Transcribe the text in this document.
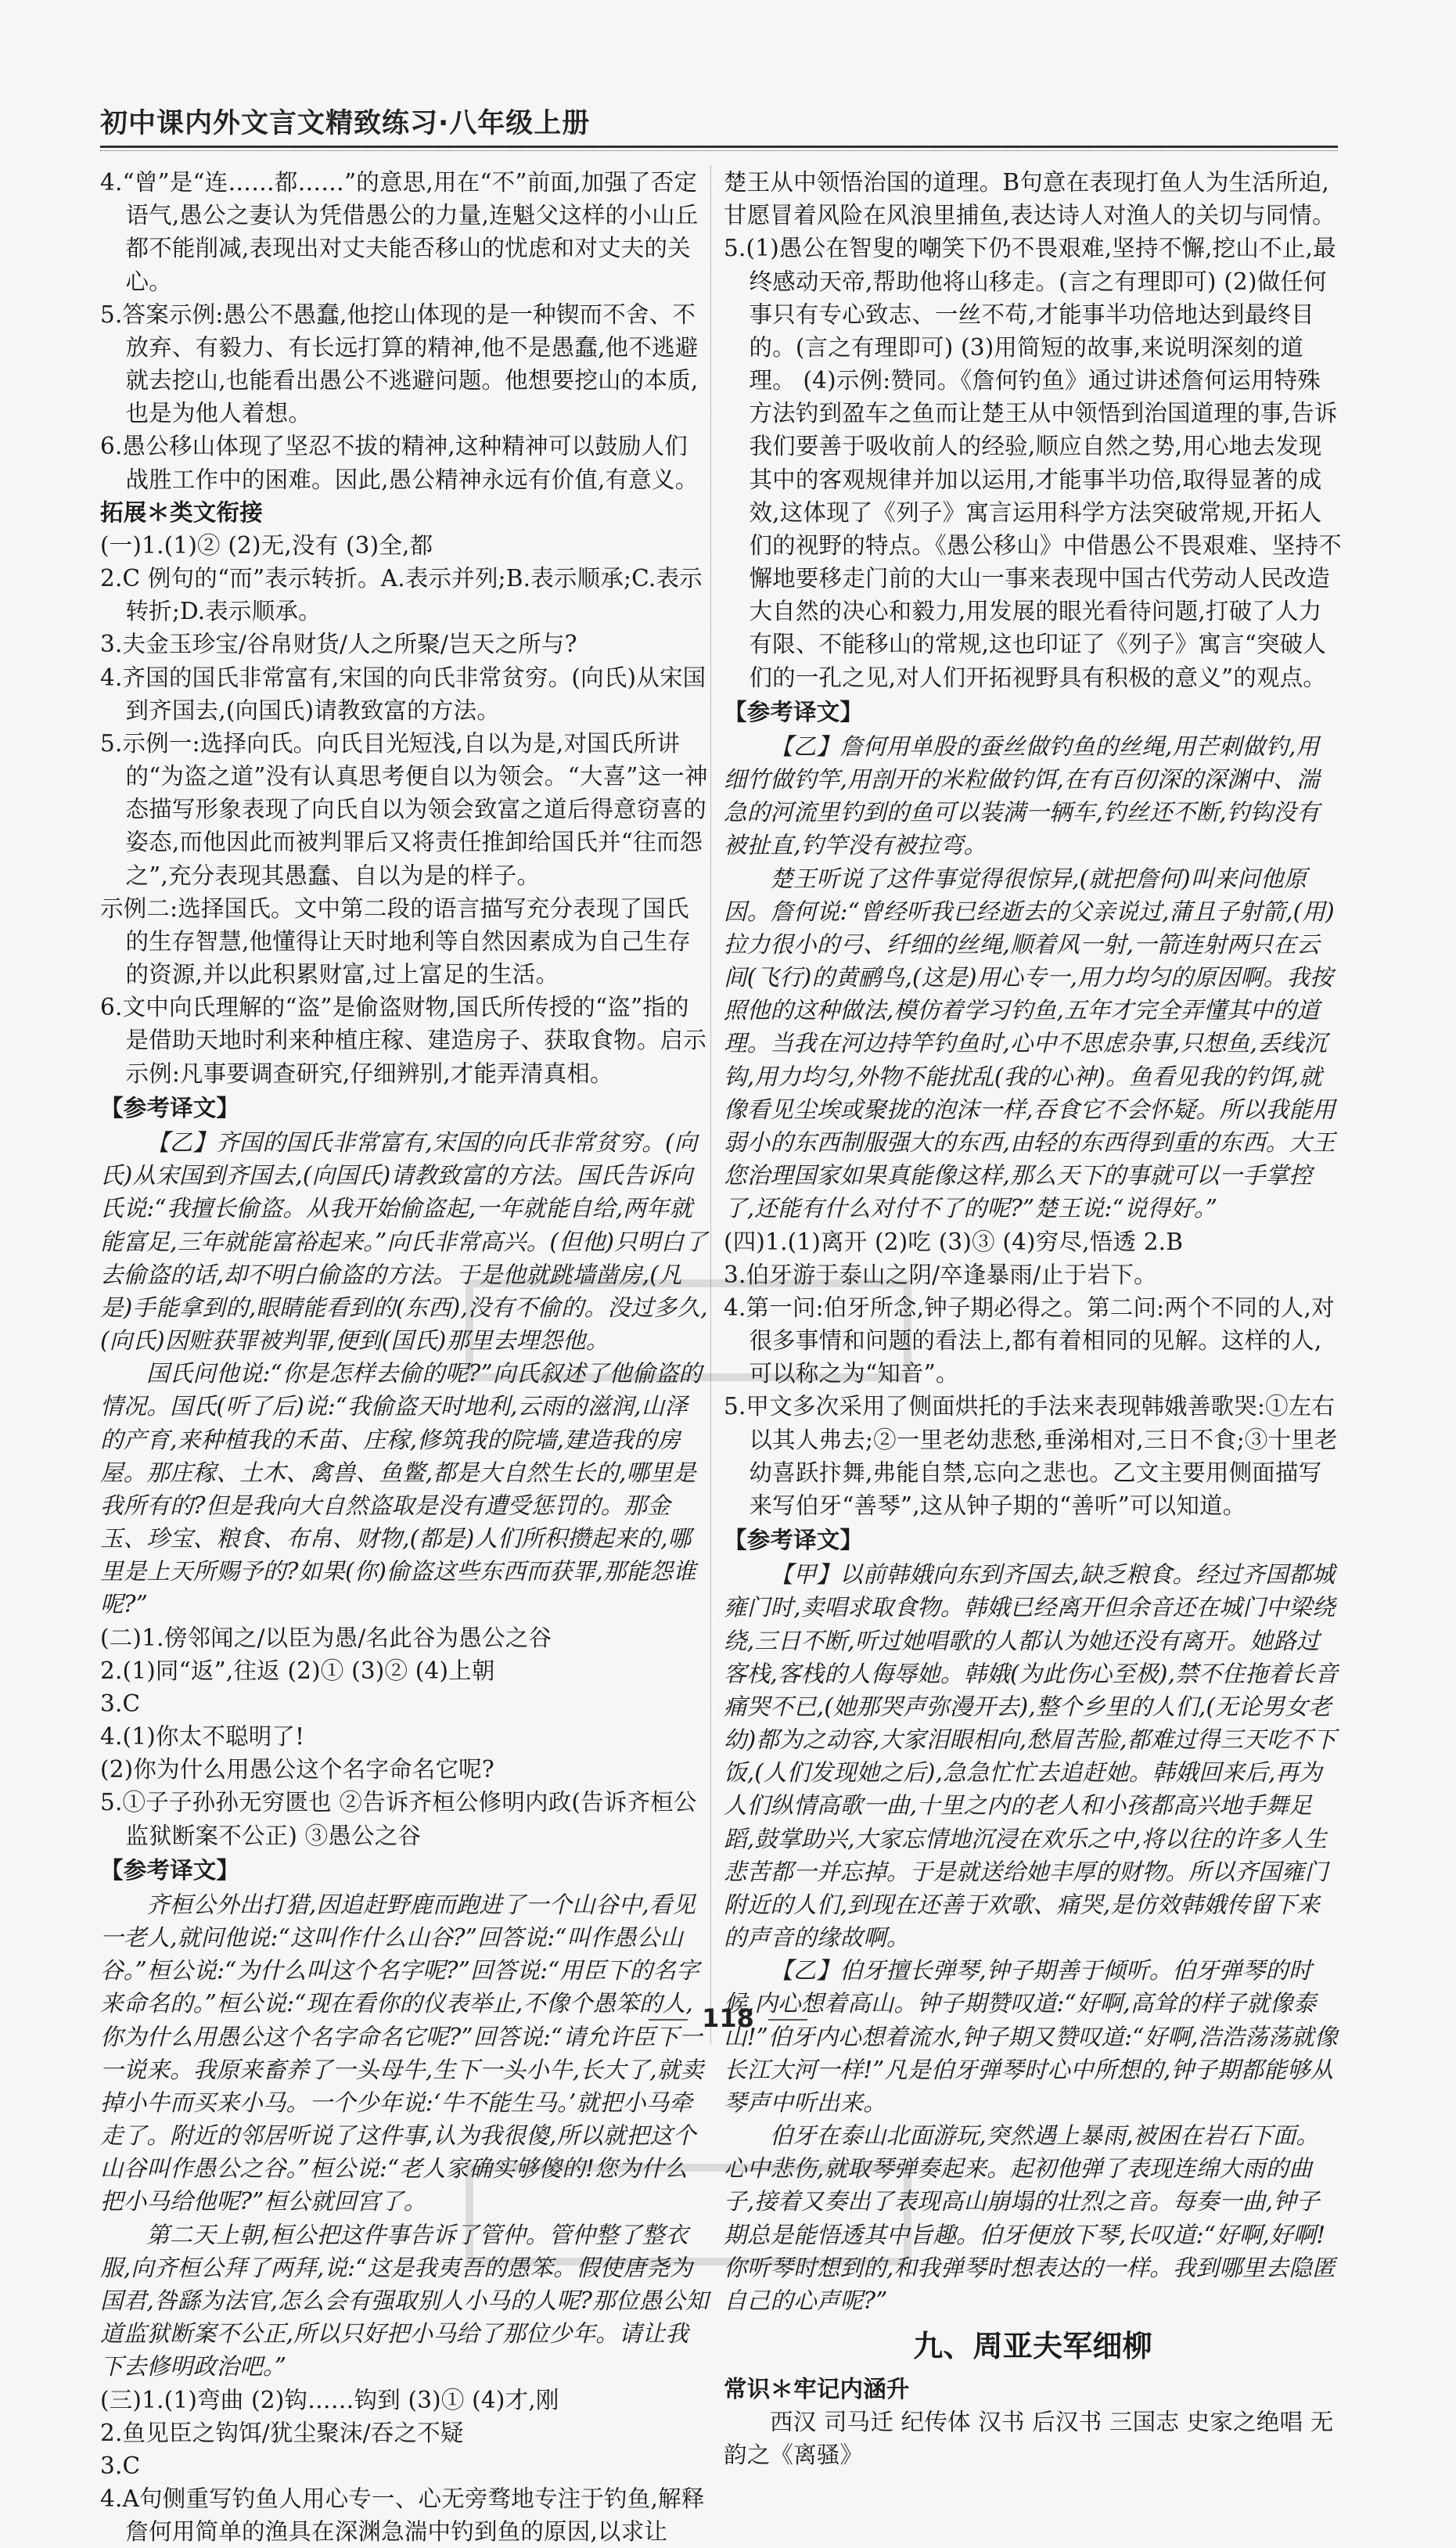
初中课内外文言文精致练习·八年级上册
4.“曾”是“连……都……”的意思,用在“不”前面,加强了否定语气,愚公之妻认为凭借愚公的力量,连魁父这样的小山丘都不能削减,表现出对丈夫能否移山的忧虑和对丈夫的关心。
5.答案示例:愚公不愚蠢,他挖山体现的是一种锲而不舍、不放弃、有毅力、有长远打算的精神,他不是愚蠢,他不逃避就去挖山,也能看出愚公不逃避问题。他想要挖山的本质,也是为他人着想。
6.愚公移山体现了坚忍不拔的精神,这种精神可以鼓励人们战胜工作中的困难。因此,愚公精神永远有价值,有意义。
拓展＊类文衔接
(一)1.(1)② (2)无,没有 (3)全,都
2.C 例句的“而”表示转折。A.表示并列;B.表示顺承;C.表示转折;D.表示顺承。
3.夫金玉珍宝/谷帛财货/人之所聚/岂天之所与?
4.齐国的国氏非常富有,宋国的向氏非常贫穷。(向氏)从宋国到齐国去,(向国氏)请教致富的方法。
5.示例一:选择向氏。向氏目光短浅,自以为是,对国氏所讲的“为盗之道”没有认真思考便自以为领会。“大喜”这一神态描写形象表现了向氏自以为领会致富之道后得意窃喜的姿态,而他因此而被判罪后又将责任推卸给国氏并“往而怨之”,充分表现其愚蠢、自以为是的样子。
示例二:选择国氏。文中第二段的语言描写充分表现了国氏的生存智慧,他懂得让天时地利等自然因素成为自己生存的资源,并以此积累财富,过上富足的生活。
6.文中向氏理解的“盗”是偷盗财物,国氏所传授的“盗”指的是借助天地时利来种植庄稼、建造房子、获取食物。启示示例:凡事要调查研究,仔细辨别,才能弄清真相。
【参考译文】
【乙】齐国的国氏非常富有,宋国的向氏非常贫穷。(向氏)从宋国到齐国去,(向国氏)请教致富的方法。国氏告诉向氏说:“我擅长偷盗。从我开始偷盗起,一年就能自给,两年就能富足,三年就能富裕起来。”向氏非常高兴。(但他)只明白了去偷盗的话,却不明白偷盗的方法。于是他就跳墙凿房,(凡是)手能拿到的,眼睛能看到的(东西),没有不偷的。没过多久,(向氏)因赃获罪被判罪,便到(国氏)那里去埋怨他。
国氏问他说:“你是怎样去偷的呢?”向氏叙述了他偷盗的情况。国氏(听了后)说:“我偷盗天时地利,云雨的滋润,山泽的产育,来种植我的禾苗、庄稼,修筑我的院墙,建造我的房屋。那庄稼、土木、禽兽、鱼鳖,都是大自然生长的,哪里是我所有的?但是我向大自然盗取是没有遭受惩罚的。那金玉、珍宝、粮食、布帛、财物,(都是)人们所积攒起来的,哪里是上天所赐予的?如果(你)偷盗这些东西而获罪,那能怨谁呢?”
(二)1.傍邻闻之/以臣为愚/名此谷为愚公之谷
2.(1)同“返”,往返 (2)① (3)② (4)上朝
3.C
4.(1)你太不聪明了!
(2)你为什么用愚公这个名字命名它呢?
5.①子子孙孙无穷匮也 ②告诉齐桓公修明内政(告诉齐桓公监狱断案不公正) ③愚公之谷
【参考译文】
齐桓公外出打猎,因追赶野鹿而跑进了一个山谷中,看见一老人,就问他说:“这叫作什么山谷?”回答说:“叫作愚公山谷。”桓公说:“为什么叫这个名字呢?”回答说:“用臣下的名字来命名的。”桓公说:“现在看你的仪表举止,不像个愚笨的人,你为什么用愚公这个名字命名它呢?”回答说:“请允许臣下一一说来。我原来畜养了一头母牛,生下一头小牛,长大了,就卖掉小牛而买来小马。一个少年说:‘牛不能生马。’就把小马牵走了。附近的邻居听说了这件事,认为我很傻,所以就把这个山谷叫作愚公之谷。”桓公说:“老人家确实够傻的!您为什么把小马给他呢?”桓公就回宫了。
第二天上朝,桓公把这件事告诉了管仲。管仲整了整衣服,向齐桓公拜了两拜,说:“这是我夷吾的愚笨。假使唐尧为国君,咎繇为法官,怎么会有强取别人小马的人呢?那位愚公知道监狱断案不公正,所以只好把小马给了那位少年。请让我下去修明政治吧。”
(三)1.(1)弯曲 (2)钩……钩到 (3)① (4)才,刚
2.鱼见臣之钩饵/犹尘聚沫/吞之不疑
3.C
4.A句侧重写钓鱼人用心专一、心无旁骛地专注于钓鱼,解释詹何用简单的渔具在深渊急湍中钓到鱼的原因,以求让
楚王从中领悟治国的道理。B句意在表现打鱼人为生活所迫,甘愿冒着风险在风浪里捕鱼,表达诗人对渔人的关切与同情。
5.(1)愚公在智叟的嘲笑下仍不畏艰难,坚持不懈,挖山不止,最终感动天帝,帮助他将山移走。(言之有理即可) (2)做任何事只有专心致志、一丝不苟,才能事半功倍地达到最终目的。(言之有理即可) (3)用简短的故事,来说明深刻的道理。 (4)示例:赞同。《詹何钓鱼》通过讲述詹何运用特殊方法钓到盈车之鱼而让楚王从中领悟到治国道理的事,告诉我们要善于吸收前人的经验,顺应自然之势,用心地去发现其中的客观规律并加以运用,才能事半功倍,取得显著的成效,这体现了《列子》寓言运用科学方法突破常规,开拓人们的视野的特点。《愚公移山》中借愚公不畏艰难、坚持不懈地要移走门前的大山一事来表现中国古代劳动人民改造大自然的决心和毅力,用发展的眼光看待问题,打破了人力有限、不能移山的常规,这也印证了《列子》寓言“突破人们的一孔之见,对人们开拓视野具有积极的意义”的观点。
【参考译文】
【乙】詹何用单股的蚕丝做钓鱼的丝绳,用芒刺做钓,用细竹做钓竿,用剖开的米粒做钓饵,在有百仞深的深渊中、湍急的河流里钓到的鱼可以装满一辆车,钓丝还不断,钓钩没有被扯直,钓竿没有被拉弯。
楚王听说了这件事觉得很惊异,(就把詹何)叫来问他原因。詹何说:“曾经听我已经逝去的父亲说过,蒲且子射箭,(用)拉力很小的弓、纤细的丝绳,顺着风一射,一箭连射两只在云间(飞行)的黄鹂鸟,(这是)用心专一,用力均匀的原因啊。我按照他的这种做法,模仿着学习钓鱼,五年才完全弄懂其中的道理。当我在河边持竿钓鱼时,心中不思虑杂事,只想鱼,丢线沉钩,用力均匀,外物不能扰乱(我的心神)。鱼看见我的钓饵,就像看见尘埃或聚拢的泡沫一样,吞食它不会怀疑。所以我能用弱小的东西制服强大的东西,由轻的东西得到重的东西。大王您治理国家如果真能像这样,那么天下的事就可以一手掌控了,还能有什么对付不了的呢?”楚王说:“说得好。”
(四)1.(1)离开 (2)吃 (3)③ (4)穷尽,悟透 2.B
3.伯牙游于泰山之阴/卒逢暴雨/止于岩下。
4.第一问:伯牙所念,钟子期必得之。第二问:两个不同的人,对很多事情和问题的看法上,都有着相同的见解。这样的人,可以称之为“知音”。
5.甲文多次采用了侧面烘托的手法来表现韩娥善歌哭:①左右以其人弗去;②一里老幼悲愁,垂涕相对,三日不食;③十里老幼喜跃抃舞,弗能自禁,忘向之悲也。乙文主要用侧面描写来写伯牙“善琴”,这从钟子期的“善听”可以知道。
【参考译文】
【甲】以前韩娥向东到齐国去,缺乏粮食。经过齐国都城雍门时,卖唱求取食物。韩娥已经离开但余音还在城门中梁绕绕,三日不断,听过她唱歌的人都认为她还没有离开。她路过客栈,客栈的人侮辱她。韩娥(为此伤心至极),禁不住拖着长音痛哭不已,(她那哭声弥漫开去),整个乡里的人们,(无论男女老幼)都为之动容,大家泪眼相向,愁眉苦脸,都难过得三天吃不下饭,(人们发现她之后),急急忙忙去追赶她。韩娥回来后,再为人们纵情高歌一曲,十里之内的老人和小孩都高兴地手舞足蹈,鼓掌助兴,大家忘情地沉浸在欢乐之中,将以往的许多人生悲苦都一并忘掉。于是就送给她丰厚的财物。所以齐国雍门附近的人们,到现在还善于欢歌、痛哭,是仿效韩娥传留下来的声音的缘故啊。
【乙】伯牙擅长弹琴,钟子期善于倾听。伯牙弹琴的时候,内心想着高山。钟子期赞叹道:“好啊,高耸的样子就像泰山!”伯牙内心想着流水,钟子期又赞叹道:“好啊,浩浩荡荡就像长江大河一样!”凡是伯牙弹琴时心中所想的,钟子期都能够从琴声中听出来。
伯牙在泰山北面游玩,突然遇上暴雨,被困在岩石下面。心中悲伤,就取琴弹奏起来。起初他弹了表现连绵大雨的曲子,接着又奏出了表现高山崩塌的壮烈之音。每奏一曲,钟子期总是能悟透其中旨趣。伯牙便放下琴,长叹道:“好啊,好啊!你听琴时想到的,和我弹琴时想表达的一样。我到哪里去隐匿自己的心声呢?”
九、周亚夫军细柳
常识＊牢记内涵升
西汉 司马迁 纪传体 汉书 后汉书 三国志 史家之绝唱 无韵之《离骚》
118
